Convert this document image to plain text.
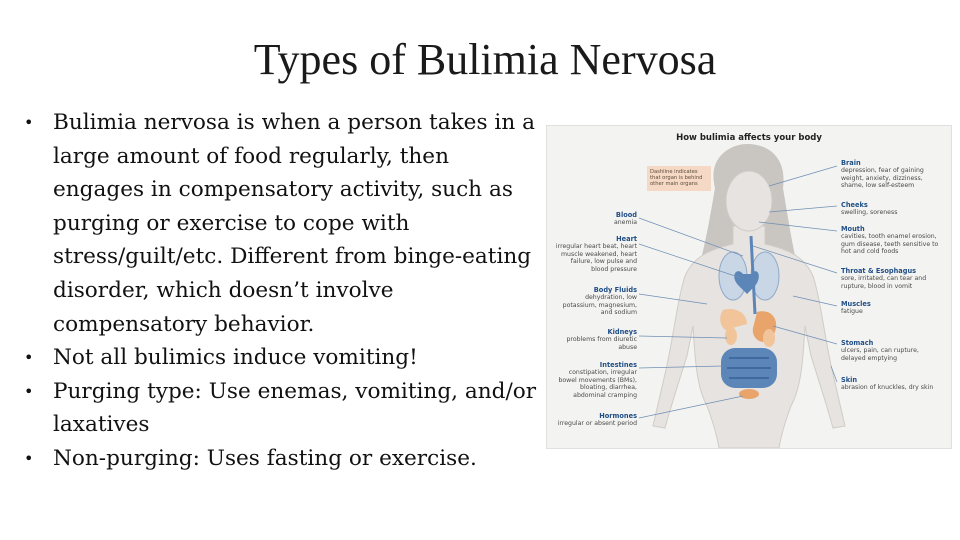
Types of Bulimia Nervosa
• Bulimia nervosa is when a person takes in a large amount of food regularly, then engages in compensatory activity, such as purging or exercise to cope with stress/guilt/etc. Different from binge-eating disorder, which doesn’t involve compensatory behavior.
• Not all bulimics induce vomiting!
• Purging type: Use enemas, vomiting, and/or laxatives
• Non-purging: Uses fasting or exercise.
How bulimia affects your body
Dashline indicates that organ is behind other main organs
Blood
anemia
Heart
irregular heart beat, heart muscle weakened, heart failure, low pulse and blood pressure
Body Fluids
dehydration, low potassium, magnesium, and sodium
Kidneys
problems from diuretic abuse
Intestines
constipation, irregular bowel movements (BMs), bloating, diarrhea, abdominal cramping
Hormones
irregular or absent period
Brain
depression, fear of gaining weight, anxiety, dizziness, shame, low self-esteem
Cheeks
swelling, soreness
Mouth
cavities, tooth enamel erosion, gum disease, teeth sensitive to hot and cold foods
Throat & Esophagus
sore, irritated, can tear and rupture, blood in vomit
Muscles
fatigue
Stomach
ulcers, pain, can rupture, delayed emptying
Skin
abrasion of knuckles, dry skin
